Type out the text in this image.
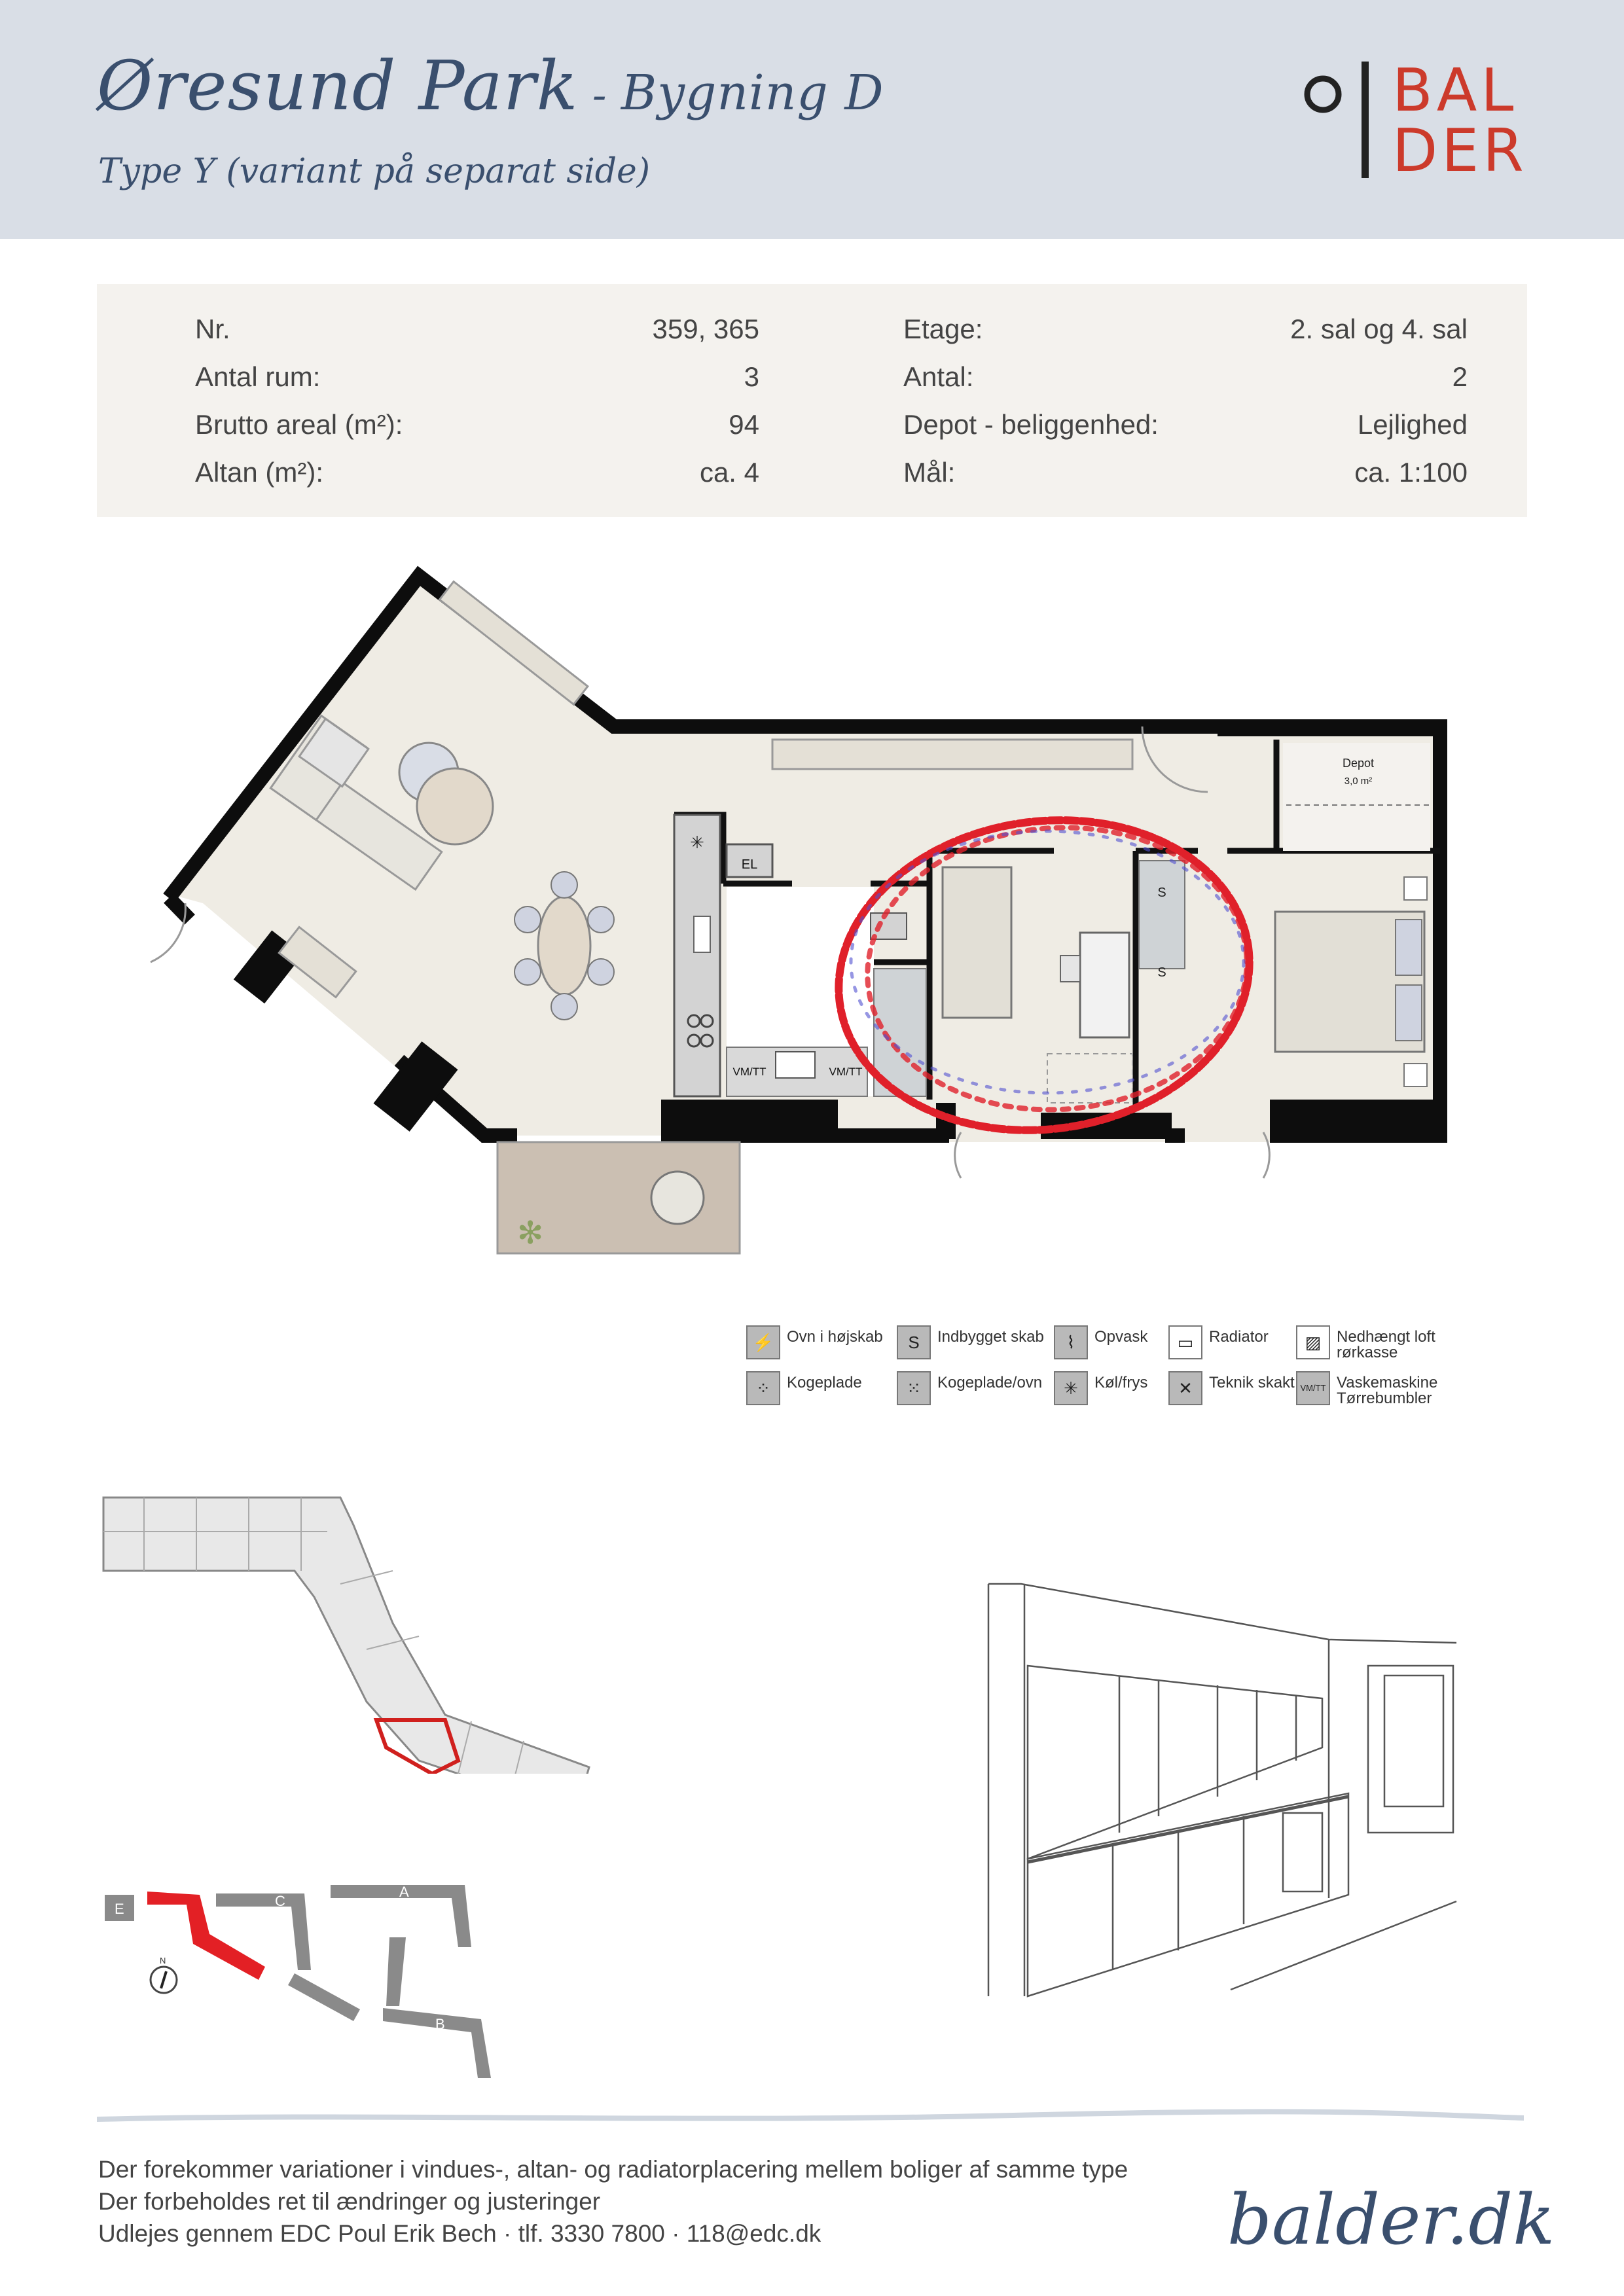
Øresund Park - Bygning D
Type Y (variant på separat side)
BAL
DER
Nr.	359, 365
Antal rum:	3
Brutto areal (m²):	94
Altan (m²):	ca. 4
Etage:	2. sal og 4. sal
Antal:	2
Depot - beliggenhed:	Lejlighed
Mål:	ca. 1:100
✳
EL
VM/TT	VM/TT
Depot
3,0 m²
S
S
✻
⚡ Ovn i højskab	S	Indbygget skab	⌇	Opvask	▭ Radiator	▨ Nedhængt loft
rørkasse
⁘	Kogeplade	⁙	Kogeplade/ovn	✳	Køl/frys	✕	Teknik skakt VM/TT Vaskemaskine
Tørrebumbler
E
D
C
A
B
N
Der forekommer variationer i vindues-, altan- og radiatorplacering mellem boliger af samme type
Der forbeholdes ret til ændringer og justeringer
Udlejes gennem EDC Poul Erik Bech · tlf. 3330 7800 · 118@edc.dk	balder.dk
